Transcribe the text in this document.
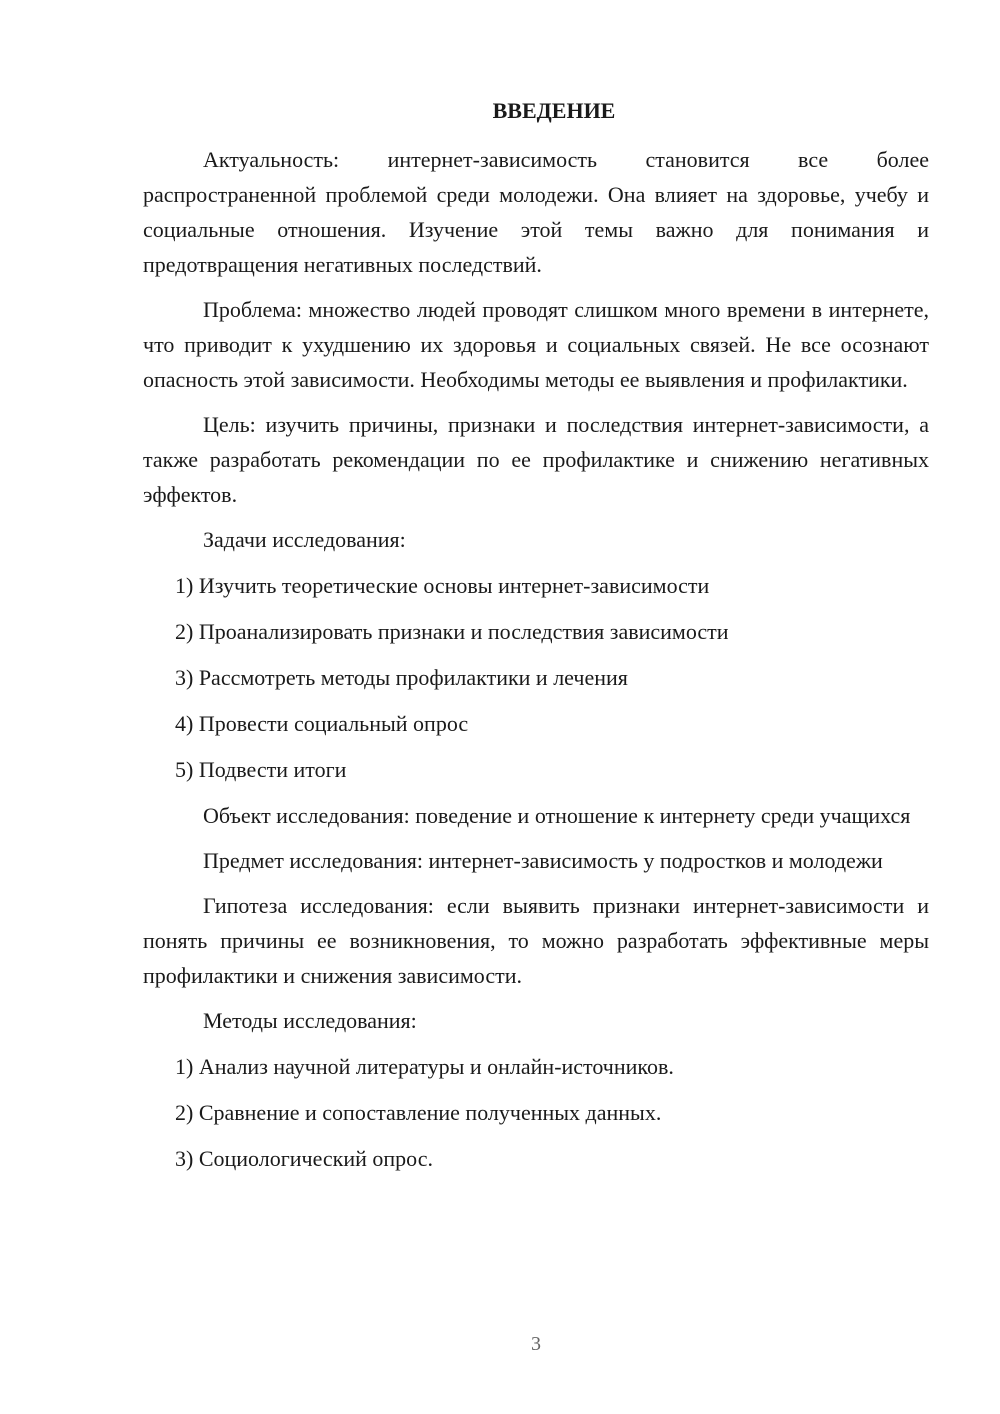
ВВЕДЕНИЕ

Актуальность: интернет-зависимость становится все более распространенной проблемой среди молодежи. Она влияет на здоровье, учебу и социальные отношения. Изучение этой темы важно для понимания и предотвращения негативных последствий.

Проблема: множество людей проводят слишком много времени в интернете, что приводит к ухудшению их здоровья и социальных связей. Не все осознают опасность этой зависимости. Необходимы методы ее выявления и профилактики.

Цель: изучить причины, признаки и последствия интернет-зависимости, а также разработать рекомендации по ее профилактике и снижению негативных эффектов.

Задачи исследования:
1) Изучить теоретические основы интернет-зависимости
2) Проанализировать признаки и последствия зависимости
3) Рассмотреть методы профилактики и лечения
4) Провести социальный опрос
5) Подвести итоги

Объект исследования: поведение и отношение к интернету среди учащихся

Предмет исследования: интернет-зависимость у подростков и молодежи

Гипотеза исследования: если выявить признаки интернет-зависимости и понять причины ее возникновения, то можно разработать эффективные меры профилактики и снижения зависимости.

Методы исследования:
1) Анализ научной литературы и онлайн-источников.
2) Сравнение и сопоставление полученных данных.
3) Социологический опрос.
3
